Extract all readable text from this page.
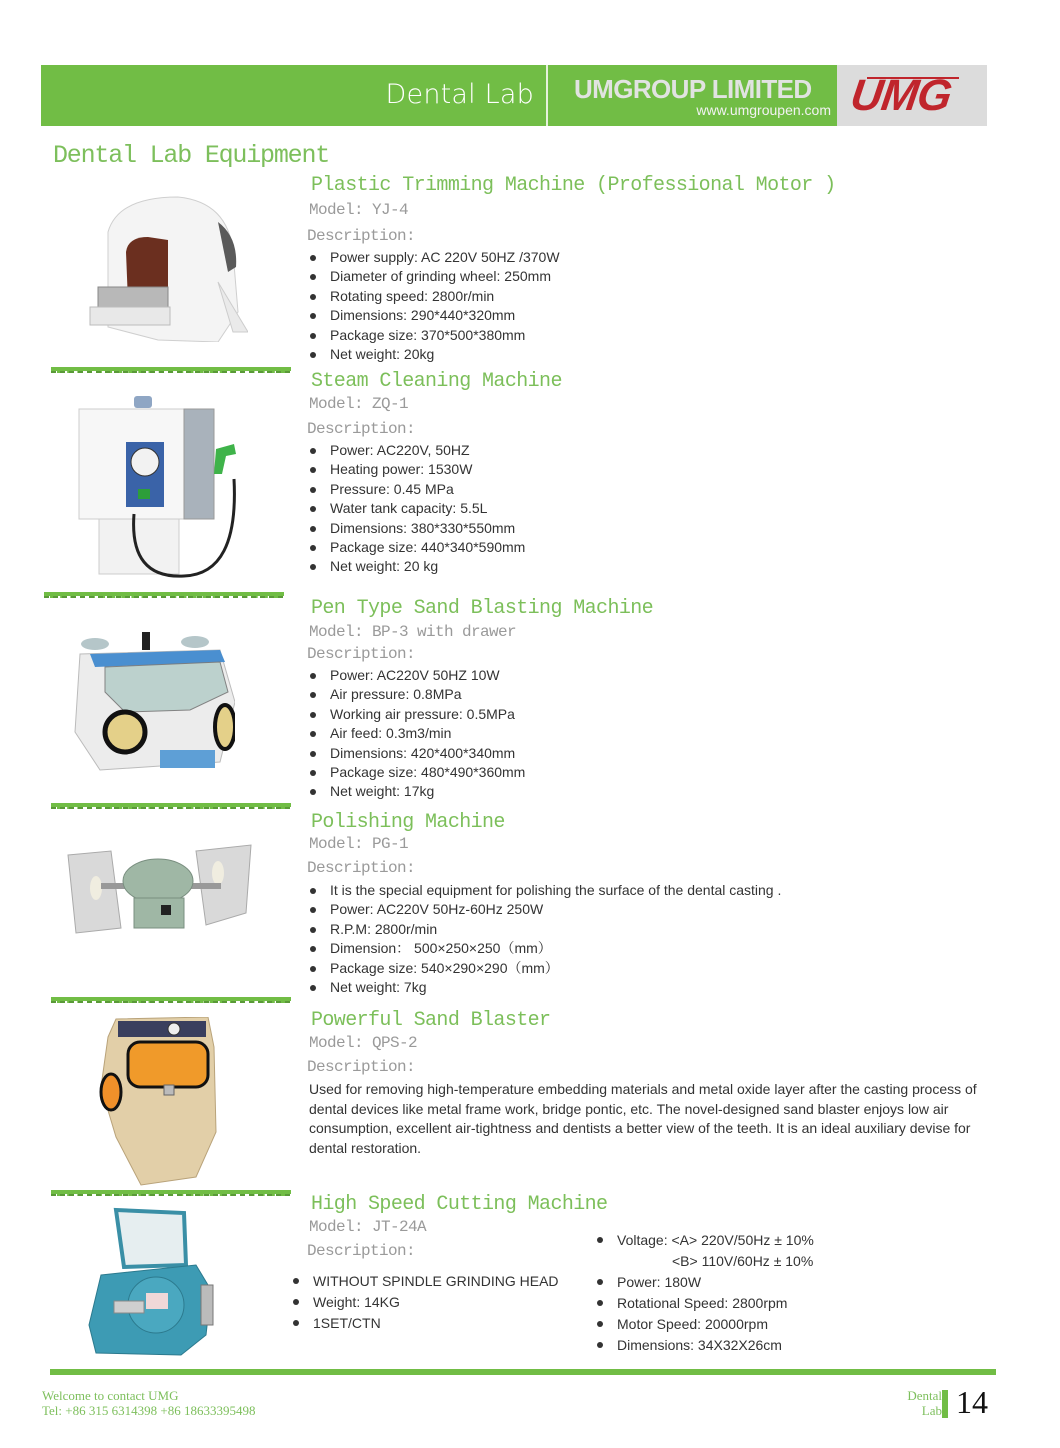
Dental Lab UMGROUP LIMITED
www.umgroupen.com UMG
Dental Lab Equipment
Plastic Trimming Machine (Professional Motor )
Model: YJ-4
Description:
Power supply: AC 220V 50HZ /370W
Diameter of grinding wheel: 250mm
Rotating speed: 2800r/min
Dimensions: 290*440*320mm
Package size: 370*500*380mm
Net weight: 20kg
Steam Cleaning Machine
Model: ZQ-1
Description:
Power: AC220V, 50HZ
Heating power: 1530W
Pressure: 0.45 MPa
Water tank capacity: 5.5L
Dimensions: 380*330*550mm
Package size: 440*340*590mm
Net weight: 20 kg
Pen Type Sand Blasting Machine
Model: BP-3 with drawer
Description:
Power: AC220V 50HZ 10W
Air pressure: 0.8MPa
Working air pressure: 0.5MPa
Air feed: 0.3m3/min
Dimensions: 420*400*340mm
Package size: 480*490*360mm
Net weight: 17kg
Polishing Machine
Model: PG-1
Description:
It is the special equipment for polishing the surface of the dental casting .
Power: AC220V 50Hz-60Hz 250W
R.P.M: 2800r/min
Dimension： 500×250×250（mm）
Package size: 540×290×290（mm）
Net weight: 7kg
Powerful Sand Blaster
Model: QPS-2
Description:
Used for removing high-temperature embedding materials and metal oxide layer after the casting process of dental devices like metal frame work, bridge pontic, etc. The novel-designed sand blaster enjoys low air consumption, excellent air-tightness and dentists a better view of the teeth. It is an ideal auxiliary devise for dental restoration.
High Speed Cutting Machine
Model: JT-24A
Description:
WITHOUT SPINDLE GRINDING HEAD
Weight: 14KG
1SET/CTN
Voltage: <A> 220V/50Hz ± 10%
<B> 110V/60Hz ± 10%
Power: 180W
Rotational Speed: 2800rpm
Motor Speed: 20000rpm
Dimensions: 34X32X26cm
Welcome to contact UMG
Tel: +86 315 6314398 +86 18633395498
Dental
Lab 14
